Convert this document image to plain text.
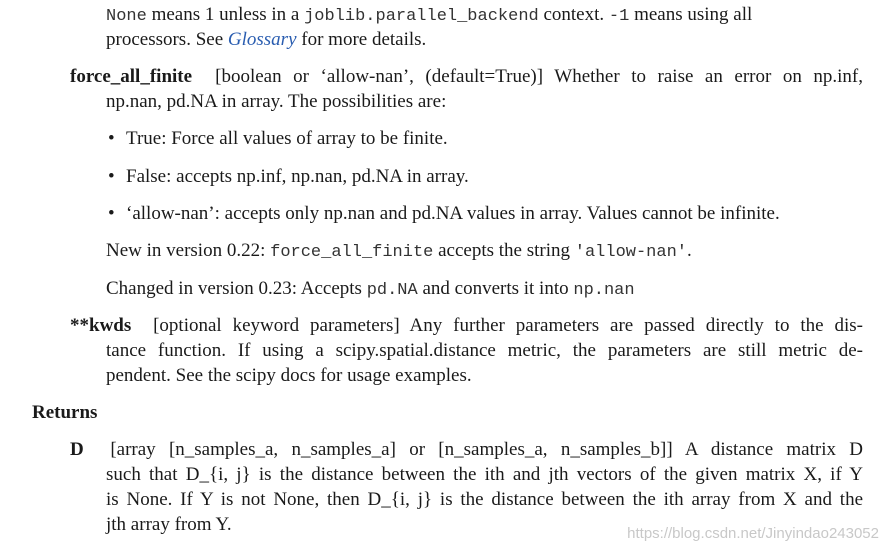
None means 1 unless in a joblib.parallel_backend context. -1 means using all
processors. See Glossary for more details.
force_all_finite [boolean or ‘allow-nan’, (default=True)] Whether to raise an error on np.inf,
np.nan, pd.NA in array. The possibilities are:
• True: Force all values of array to be finite.
• False: accepts np.inf, np.nan, pd.NA in array.
• ‘allow-nan’: accepts only np.nan and pd.NA values in array. Values cannot be infinite.
New in version 0.22: force_all_finite accepts the string 'allow-nan'.
Changed in version 0.23: Accepts pd.NA and converts it into np.nan
**kwds [optional keyword parameters] Any further parameters are passed directly to the dis-
tance function. If using a scipy.spatial.distance metric, the parameters are still metric de-
pendent. See the scipy docs for usage examples.
Returns
D [array [n_samples_a, n_samples_a] or [n_samples_a, n_samples_b]] A distance matrix D
such that D_{i, j} is the distance between the ith and jth vectors of the given matrix X, if Y
is None. If Y is not None, then D_{i, j} is the distance between the ith array from X and the
jth array from Y.	https://blog.csdn.net/Jinyindao243052
